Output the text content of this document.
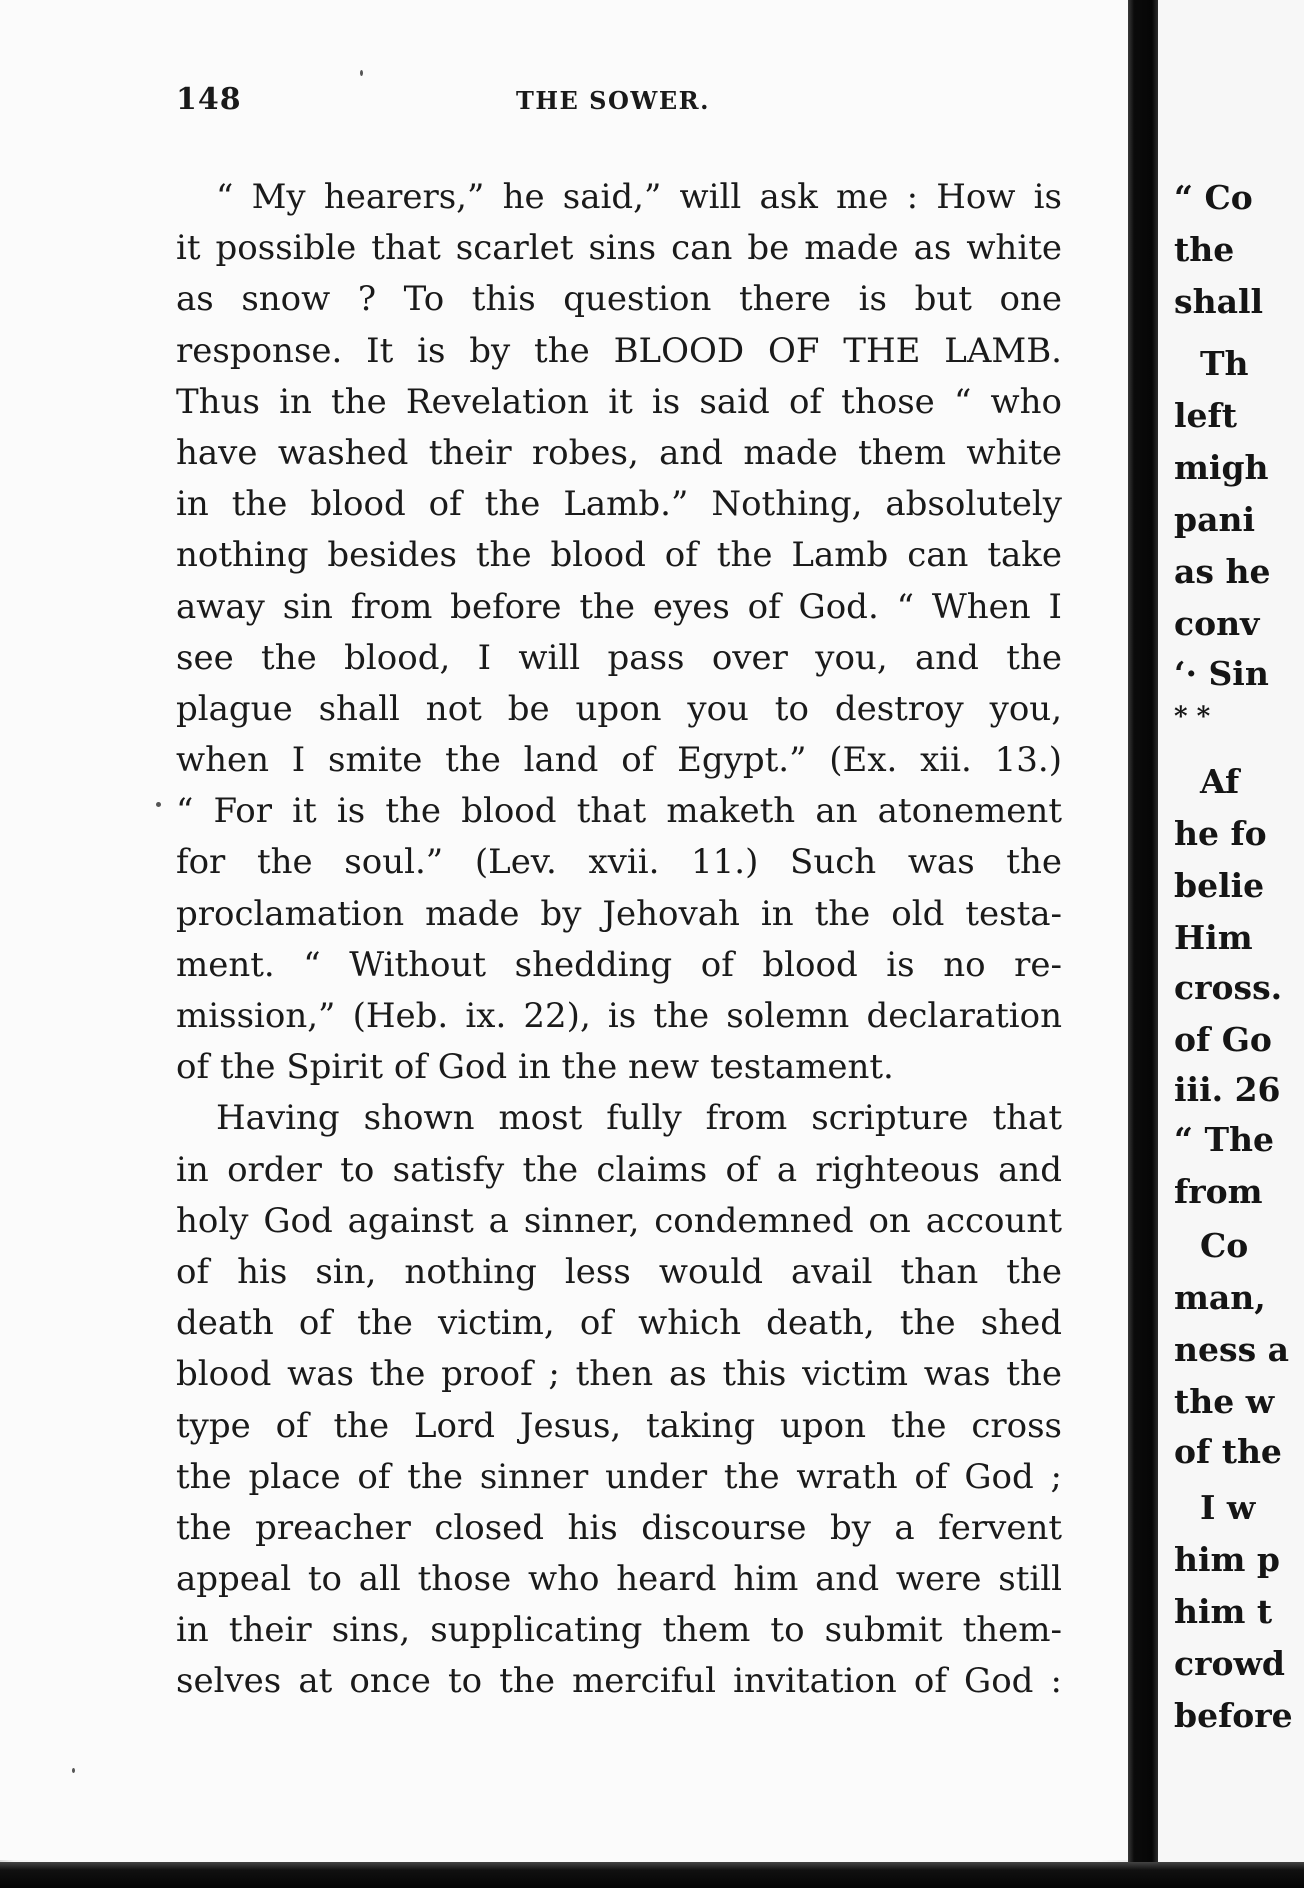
148	THE SOWER.
“ My hearers,” he said,” will ask me : How is
it possible that scarlet sins can be made as white
as snow ? To this question there is but one
response. It is by the BLOOD OF THE LAMB.
Thus in the Revelation it is said of those “ who
have washed their robes, and made them white
in the blood of the Lamb.” Nothing, absolutely
nothing besides the blood of the Lamb can take
away sin from before the eyes of God. “ When I
see the blood, I will pass over you, and the
plague shall not be upon you to destroy you,
when I smite the land of Egypt.” (Ex. xii. 13.)
“ For it is the blood that maketh an atonement
for the soul.” (Lev. xvii. 11.) Such was the
proclamation made by Jehovah in the old testa-
ment. “ Without shedding of blood is no re-
mission,” (Heb. ix. 22), is the solemn declaration
of the Spirit of God in the new testament.
Having shown most fully from scripture that
in order to satisfy the claims of a righteous and
holy God against a sinner, condemned on account
of his sin, nothing less would avail than the
death of the victim, of which death, the shed
blood was the proof ; then as this victim was the
type of the Lord Jesus, taking upon the cross
the place of the sinner under the wrath of God ;
the preacher closed his discourse by a fervent
appeal to all those who heard him and were still
in their sins, supplicating them to submit them-
selves at once to the merciful invitation of God :
“ Co
the
shall
Th
left
migh
pani
as he
conv
‘· Sin
* *
Af
he fo
belie
Him
cross.
of Go
iii. 26
“ The
from
Co
man,
ness a
the w
of the
I w
him p
him t
crowd
before
